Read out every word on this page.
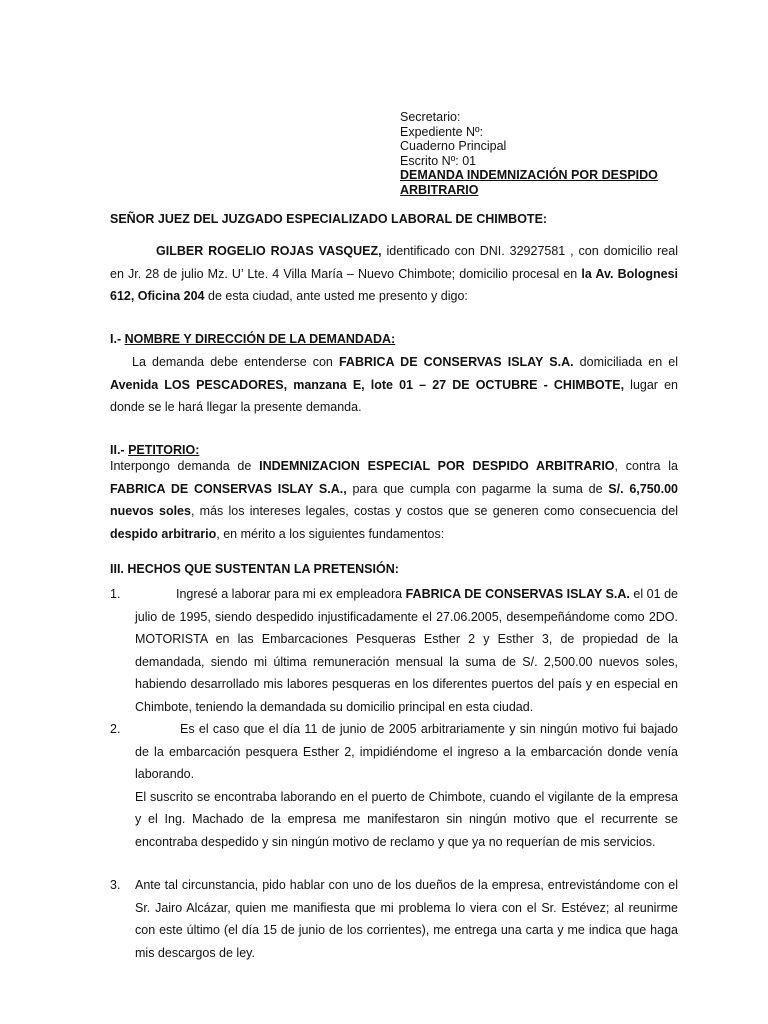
Secretario:
Expediente Nº:
Cuaderno Principal
Escrito Nº: 01
DEMANDA INDEMNIZACIÓN POR DESPIDO ARBITRARIO
SEÑOR JUEZ DEL JUZGADO ESPECIALIZADO LABORAL DE CHIMBOTE:
GILBER ROGELIO ROJAS VASQUEZ, identificado con DNI. 32927581 , con domicilio real en Jr. 28 de julio Mz. U’ Lte. 4 Villa María – Nuevo Chimbote; domicilio procesal en la Av. Bolognesi 612, Oficina 204 de esta ciudad, ante usted me presento y digo:
I.- NOMBRE Y DIRECCIÓN DE LA DEMANDADA:
La demanda debe entenderse con FABRICA DE CONSERVAS ISLAY S.A. domiciliada en el Avenida LOS PESCADORES, manzana E, lote 01 – 27 DE OCTUBRE - CHIMBOTE, lugar en donde se le hará llegar la presente demanda.
II.- PETITORIO:
Interpongo demanda de INDEMNIZACION ESPECIAL POR DESPIDO ARBITRARIO, contra la FABRICA DE CONSERVAS ISLAY S.A., para que cumpla con pagarme la suma de S/. 6,750.00 nuevos soles, más los intereses legales, costas y costos que se generen como consecuencia del despido arbitrario, en mérito a los siguientes fundamentos:
III. HECHOS QUE SUSTENTAN LA PRETENSIÓN:
1.	Ingresé a laborar para mi ex empleadora FABRICA DE CONSERVAS ISLAY S.A. el 01 de julio de 1995, siendo despedido injustificadamente el 27.06.2005, desempeñándome como 2DO. MOTORISTA en las Embarcaciones Pesqueras Esther 2 y Esther 3, de propiedad de la demandada, siendo mi última remuneración mensual la suma de S/. 2,500.00 nuevos soles, habiendo desarrollado mis labores pesqueras en los diferentes puertos del país y en especial en Chimbote, teniendo la demandada su domicilio principal en esta ciudad.
2.	Es el caso que el día 11 de junio de 2005 arbitrariamente y sin ningún motivo fui bajado de la embarcación pesquera Esther 2, impidiéndome el ingreso a la embarcación donde venía laborando.
El suscrito se encontraba laborando en el puerto de Chimbote, cuando el vigilante de la empresa y el Ing. Machado de la empresa me manifestaron sin ningún motivo que el recurrente se encontraba despedido y sin ningún motivo de reclamo y que ya no requerían de mis servicios.
3. Ante tal circunstancia, pido hablar con uno de los dueños de la empresa, entrevistándome con el Sr. Jairo Alcázar, quien me manifiesta que mi problema lo viera con el Sr. Estévez; al reunirme con este último (el día 15 de junio de los corrientes), me entrega una carta y me indica que haga mis descargos de ley.
